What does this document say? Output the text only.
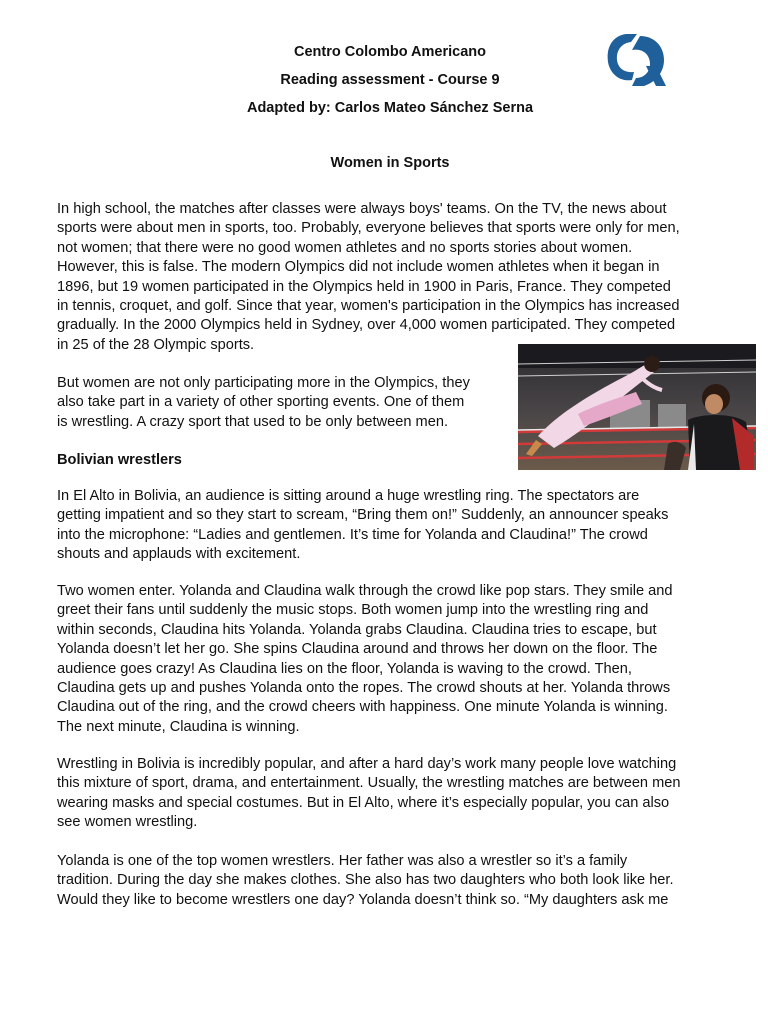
Centro Colombo Americano
Reading assessment - Course 9
Adapted by: Carlos Mateo Sánchez Serna
Women in Sports

In high school, the matches after classes were always boys' teams. On the TV, the news about
sports were about men in sports, too. Probably, everyone believes that sports were only for men,
not women; that there were no good women athletes and no sports stories about women.
However, this is false. The modern Olympics did not include women athletes when it began in
1896, but 19 women participated in the Olympics held in 1900 in Paris, France. They competed
in tennis, croquet, and golf. Since that year, women's participation in the Olympics has increased
gradually. In the 2000 Olympics held in Sydney, over 4,000 women participated. They competed
in 25 of the 28 Olympic sports.

But women are not only participating more in the Olympics, they
also take part in a variety of other sporting events. One of them
is wrestling. A crazy sport that used to be only between men.

Bolivian wrestlers

In El Alto in Bolivia, an audience is sitting around a huge wrestling ring. The spectators are
getting impatient and so they start to scream, “Bring them on!” Suddenly, an announcer speaks
into the microphone: “Ladies and gentlemen. It’s time for Yolanda and Claudina!” The crowd
shouts and applauds with excitement.

Two women enter. Yolanda and Claudina walk through the crowd like pop stars. They smile and
greet their fans until suddenly the music stops. Both women jump into the wrestling ring and
within seconds, Claudina hits Yolanda. Yolanda grabs Claudina. Claudina tries to escape, but
Yolanda doesn’t let her go. She spins Claudina around and throws her down on the floor. The
audience goes crazy! As Claudina lies on the floor, Yolanda is waving to the crowd. Then,
Claudina gets up and pushes Yolanda onto the ropes. The crowd shouts at her. Yolanda throws
Claudina out of the ring, and the crowd cheers with happiness. One minute Yolanda is winning.
The next minute, Claudina is winning.

Wrestling in Bolivia is incredibly popular, and after a hard day’s work many people love watching
this mixture of sport, drama, and entertainment. Usually, the wrestling matches are between men
wearing masks and special costumes. But in El Alto, where it’s especially popular, you can also
see women wrestling.

Yolanda is one of the top women wrestlers. Her father was also a wrestler so it’s a family
tradition. During the day she makes clothes. She also has two daughters who both look like her.
Would they like to become wrestlers one day? Yolanda doesn’t think so. “My daughters ask me
